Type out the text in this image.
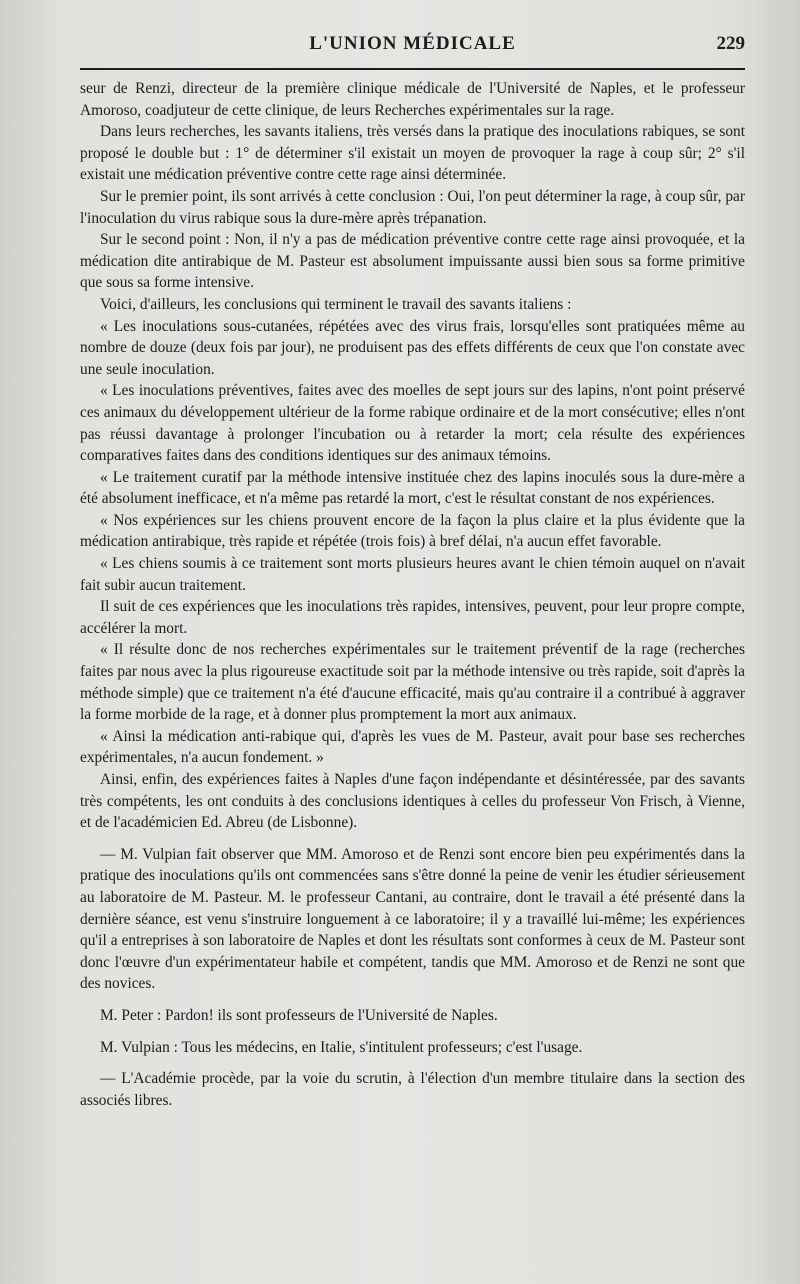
L'UNION MÉDICALE	229

seur de Renzi, directeur de la première clinique médicale de l'Université de Naples, et le professeur Amoroso, coadjuteur de cette clinique, de leurs Recherches expérimentales sur la rage.

Dans leurs recherches, les savants italiens, très versés dans la pratique des inoculations rabiques, se sont proposé le double but : 1° de déterminer s'il existait un moyen de provoquer la rage à coup sûr; 2° s'il existait une médication préventive contre cette rage ainsi déterminée.

Sur le premier point, ils sont arrivés à cette conclusion : Oui, l'on peut déterminer la rage, à coup sûr, par l'inoculation du virus rabique sous la dure-mère après trépanation.

Sur le second point : Non, il n'y a pas de médication préventive contre cette rage ainsi provoquée, et la médication dite antirabique de M. Pasteur est absolument impuissante aussi bien sous sa forme primitive que sous sa forme intensive.

Voici, d'ailleurs, les conclusions qui terminent le travail des savants italiens :

« Les inoculations sous-cutanées, répétées avec des virus frais, lorsqu'elles sont pratiquées même au nombre de douze (deux fois par jour), ne produisent pas des effets différents de ceux que l'on constate avec une seule inoculation.

« Les inoculations préventives, faites avec des moelles de sept jours sur des lapins, n'ont point préservé ces animaux du développement ultérieur de la forme rabique ordinaire et de la mort consécutive; elles n'ont pas réussi davantage à prolonger l'incubation ou à retarder la mort; cela résulte des expériences comparatives faites dans des conditions identiques sur des animaux témoins.

« Le traitement curatif par la méthode intensive instituée chez des lapins inoculés sous la dure-mère a été absolument inefficace, et n'a même pas retardé la mort, c'est le résultat constant de nos expériences.

« Nos expériences sur les chiens prouvent encore de la façon la plus claire et la plus évidente que la médication antirabique, très rapide et répétée (trois fois) à bref délai, n'a aucun effet favorable.

« Les chiens soumis à ce traitement sont morts plusieurs heures avant le chien témoin auquel on n'avait fait subir aucun traitement.

Il suit de ces expériences que les inoculations très rapides, intensives, peuvent, pour leur propre compte, accélérer la mort.

« Il résulte donc de nos recherches expérimentales sur le traitement préventif de la rage (recherches faites par nous avec la plus rigoureuse exactitude soit par la méthode intensive ou très rapide, soit d'après la méthode simple) que ce traitement n'a été d'aucune efficacité, mais qu'au contraire il a contribué à aggraver la forme morbide de la rage, et à donner plus promptement la mort aux animaux.

« Ainsi la médication anti-rabique qui, d'après les vues de M. Pasteur, avait pour base ses recherches expérimentales, n'a aucun fondement. »

Ainsi, enfin, des expériences faites à Naples d'une façon indépendante et désintéressée, par des savants très compétents, les ont conduits à des conclusions identiques à celles du professeur Von Frisch, à Vienne, et de l'académicien Ed. Abreu (de Lisbonne).

— M. Vulpian fait observer que MM. Amoroso et de Renzi sont encore bien peu expérimentés dans la pratique des inoculations qu'ils ont commencées sans s'être donné la peine de venir les étudier sérieusement au laboratoire de M. Pasteur. M. le professeur Cantani, au contraire, dont le travail a été présenté dans la dernière séance, est venu s'instruire longuement à ce laboratoire; il y a travaillé lui-même; les expériences qu'il a entreprises à son laboratoire de Naples et dont les résultats sont conformes à ceux de M. Pasteur sont donc l'œuvre d'un expérimentateur habile et compétent, tandis que MM. Amoroso et de Renzi ne sont que des novices.

M. Peter : Pardon! ils sont professeurs de l'Université de Naples.

M. Vulpian : Tous les médecins, en Italie, s'intitulent professeurs; c'est l'usage.

— L'Académie procède, par la voie du scrutin, à l'élection d'un membre titulaire dans la section des associés libres.
